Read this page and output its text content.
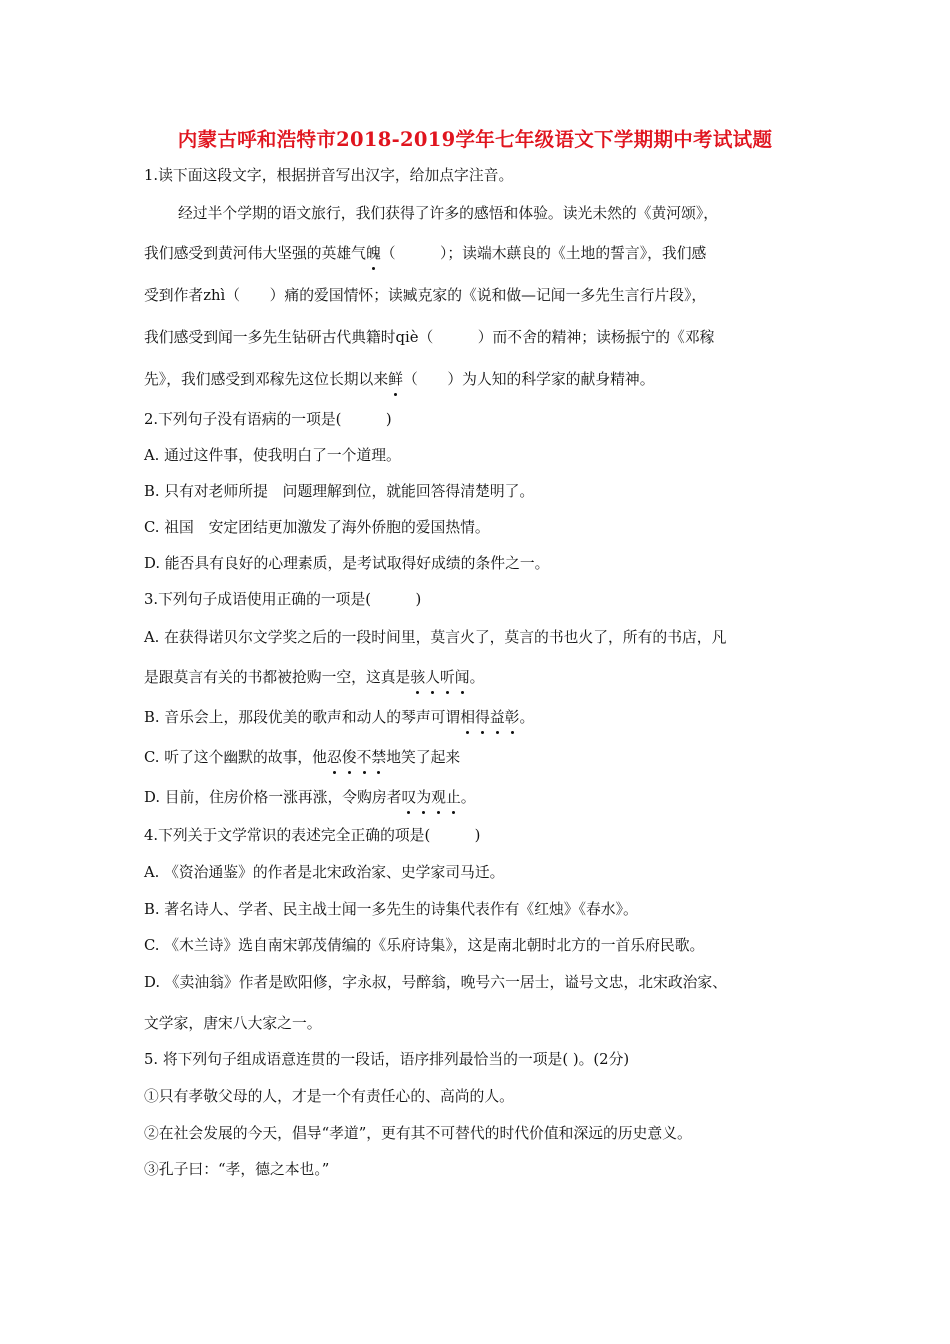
内蒙古呼和浩特市2018-2019学年七年级语文下学期期中考试试题
1.读下面这段文字，根据拼音写出汉字，给加点字注音。
经过半个学期的语文旅行，我们获得了许多的感悟和体验。读光未然的《黄河颂》，
我们感受到黄河伟大坚强的英雄气魄（　　　）；读端木蕻良的《土地的誓言》，我们感
受到作者zhì（　　）痛的爱国情怀；读臧克家的《说和做—记闻一多先生言行片段》，
我们感受到闻一多先生钻研古代典籍时qiè（　　　）而不舍的精神；读杨振宁的《邓稼
先》，我们感受到邓稼先这位长期以来鲜（　　）为人知的科学家的献身精神。
2.下列句子没有语病的一项是(　　　)
A. 通过这件事，使我明白了一个道理。
B. 只有对老师所提　问题理解到位，就能回答得清楚明了。
C. 祖国　安定团结更加激发了海外侨胞的爱国热情。
D. 能否具有良好的心理素质，是考试取得好成绩的条件之一。
3.下列句子成语使用正确的一项是(　　　)
A. 在获得诺贝尔文学奖之后的一段时间里，莫言火了，莫言的书也火了，所有的书店，凡
是跟莫言有关的书都被抢购一空，这真是骇人听闻。
B. 音乐会上，那段优美的歌声和动人的琴声可谓相得益彰。
C. 听了这个幽默的故事，他忍俊不禁地笑了起来
D. 目前，住房价格一涨再涨，令购房者叹为观止。
4.下列关于文学常识的表述完全正确的项是(　　　)
A. 《资治通鉴》的作者是北宋政治家、史学家司马迁。
B. 著名诗人、学者、民主战士闻一多先生的诗集代表作有《红烛》《春水》。
C. 《木兰诗》选自南宋郭茂倩编的《乐府诗集》，这是南北朝时北方的一首乐府民歌。
D. 《卖油翁》作者是欧阳修，字永叔，号醉翁，晚号六一居士，谥号文忠，北宋政治家、
文学家，唐宋八大家之一。
5. 将下列句子组成语意连贯的一段话，语序排列最恰当的一项是( )。(2分)
①只有孝敬父母的人，才是一个有责任心的、高尚的人。
②在社会发展的今天，倡导“孝道”，更有其不可替代的时代价值和深远的历史意义。
③孔子曰：“孝，德之本也。”
